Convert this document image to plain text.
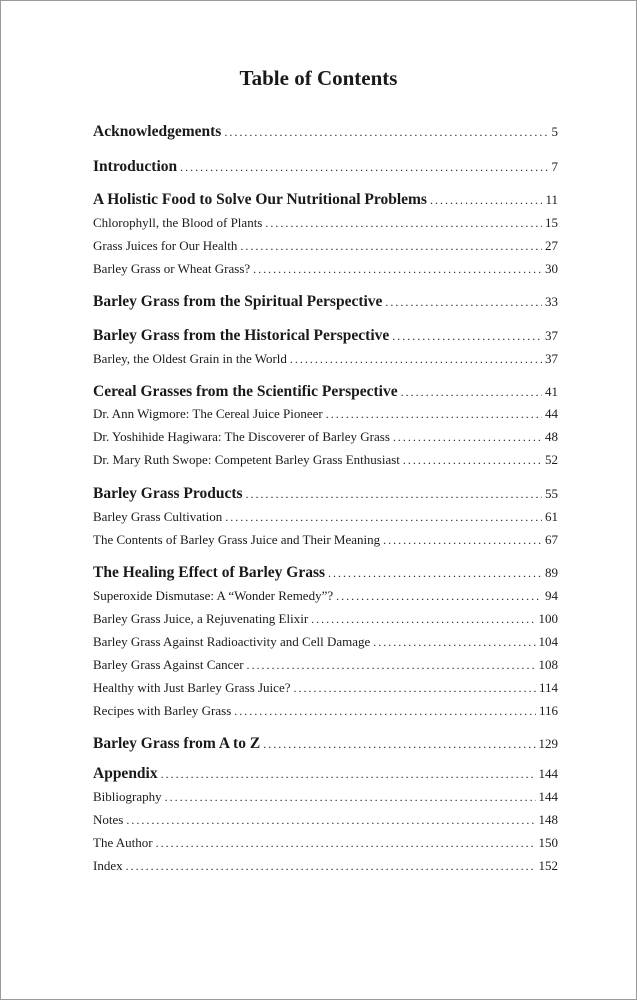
Table of Contents
Acknowledgements . . .	5
Introduction . . .	7
A Holistic Food to Solve Our Nutritional Problems . . .	11
Chlorophyll, the Blood of Plants . . .	15
Grass Juices for Our Health . . .	27
Barley Grass or Wheat Grass? . . .	30
Barley Grass from the Spiritual Perspective . . .	33
Barley Grass from the Historical Perspective . . .	37
Barley, the Oldest Grain in the World . . .	37
Cereal Grasses from the Scientific Perspective . . .	41
Dr. Ann Wigmore: The Cereal Juice Pioneer . . .	44
Dr. Yoshihide Hagiwara: The Discoverer of Barley Grass . . .	48
Dr. Mary Ruth Swope: Competent Barley Grass Enthusiast . . .	52
Barley Grass Products . . .	55
Barley Grass Cultivation . . .	61
The Contents of Barley Grass Juice and Their Meaning . . .	67
The Healing Effect of Barley Grass . . .	89
Superoxide Dismutase: A “Wonder Remedy”? . . .	94
Barley Grass Juice, a Rejuvenating Elixir . . .	100
Barley Grass Against Radioactivity and Cell Damage . . .	104
Barley Grass Against Cancer . . .	108
Healthy with Just Barley Grass Juice? . . .	114
Recipes with Barley Grass . . .	116
Barley Grass from A to Z . . .	129
Appendix . . .	144
Bibliography . . .	144
Notes . . .	148
The Author . . .	150
Index . . .	152
